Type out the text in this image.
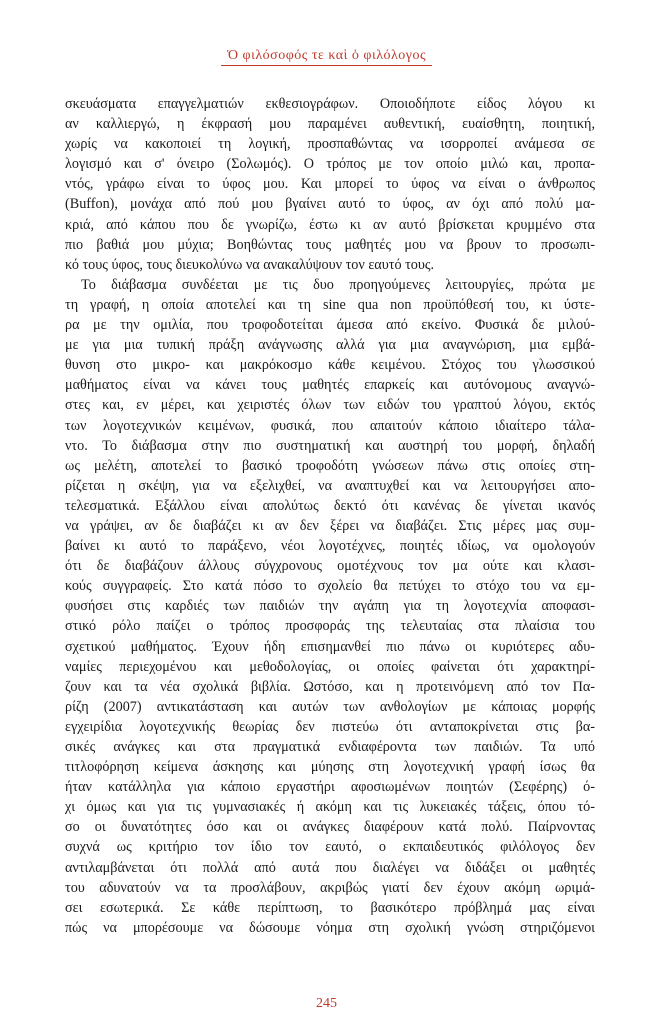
Ὁ φιλόσοφός τε καὶ ὁ φιλόλογος
σκευάσματα επαγγελματιών εκθεσιογράφων. Οποιοδήποτε είδος λόγου κι
αν καλλιεργώ, η έκφρασή μου παραμένει αυθεντική, ευαίσθητη, ποιητική,
χωρίς να κακοποιεί τη λογική, προσπαθώντας να ισορροπεί ανάμεσα σε
λογισμό και σ' όνειρο (Σολωμός). Ο τρόπος με τον οποίο μιλώ και, προπα-
ντός, γράφω είναι το ύφος μου. Και μπορεί το ύφος να είναι ο άνθρωπος
(Buffon), μονάχα από πού μου βγαίνει αυτό το ύφος, αν όχι από πολύ μα-
κριά, από κάπου που δε γνωρίζω, έστω κι αν αυτό βρίσκεται κρυμμένο στα
πιο βαθιά μου μύχια; Βοηθώντας τους μαθητές μου να βρουν το προσωπι-
κό τους ύφος, τους διευκολύνω να ανακαλύψουν τον εαυτό τους.
Το διάβασμα συνδέεται με τις δυο προηγούμενες λειτουργίες, πρώτα με
τη γραφή, η οποία αποτελεί και τη sine qua non προϋπόθεσή του, κι ύστε-
ρα με την ομιλία, που τροφοδοτείται άμεσα από εκείνο. Φυσικά δε μιλού-
με για μια τυπική πράξη ανάγνωσης αλλά για μια αναγνώριση, μια εμβά-
θυνση στο μικρο- και μακρόκοσμο κάθε κειμένου. Στόχος του γλωσσικού
μαθήματος είναι να κάνει τους μαθητές επαρκείς και αυτόνομους αναγνώ-
στες και, εν μέρει, και χειριστές όλων των ειδών του γραπτού λόγου, εκτός
των λογοτεχνικών κειμένων, φυσικά, που απαιτούν κάποιο ιδιαίτερο τάλα-
ντο. Το διάβασμα στην πιο συστηματική και αυστηρή του μορφή, δηλαδή
ως μελέτη, αποτελεί το βασικό τροφοδότη γνώσεων πάνω στις οποίες στη-
ρίζεται η σκέψη, για να εξελιχθεί, να αναπτυχθεί και να λειτουργήσει απο-
τελεσματικά. Εξάλλου είναι απολύτως δεκτό ότι κανένας δε γίνεται ικανός
να γράψει, αν δε διαβάζει κι αν δεν ξέρει να διαβάζει. Στις μέρες μας συμ-
βαίνει κι αυτό το παράξενο, νέοι λογοτέχνες, ποιητές ιδίως, να ομολογούν
ότι δε διαβάζουν άλλους σύγχρονους ομοτέχνους τον μα ούτε και κλασι-
κούς συγγραφείς. Στο κατά πόσο το σχολείο θα πετύχει το στόχο του να εμ-
φυσήσει στις καρδιές των παιδιών την αγάπη για τη λογοτεχνία αποφασι-
στικό ρόλο παίζει ο τρόπος προσφοράς της τελευταίας στα πλαίσια του
σχετικού μαθήματος. Έχουν ήδη επισημανθεί πιο πάνω οι κυριότερες αδυ-
ναμίες περιεχομένου και μεθοδολογίας, οι οποίες φαίνεται ότι χαρακτηρί-
ζουν και τα νέα σχολικά βιβλία. Ωστόσο, και η προτεινόμενη από τον Πα-
ρίζη (2007) αντικατάσταση και αυτών των ανθολογίων με κάποιας μορφής
εγχειρίδια λογοτεχνικής θεωρίας δεν πιστεύω ότι ανταποκρίνεται στις βα-
σικές ανάγκες και στα πραγματικά ενδιαφέροντα των παιδιών. Τα υπό
τιτλοφόρηση κείμενα άσκησης και μύησης στη λογοτεχνική γραφή ίσως θα
ήταν κατάλληλα για κάποιο εργαστήρι αφοσιωμένων ποιητών (Σεφέρης) ό-
χι όμως και για τις γυμνασιακές ή ακόμη και τις λυκειακές τάξεις, όπου τό-
σο οι δυνατότητες όσο και οι ανάγκες διαφέρουν κατά πολύ. Παίρνοντας
συχνά ως κριτήριο τον ίδιο τον εαυτό, ο εκπαιδευτικός φιλόλογος δεν
αντιλαμβάνεται ότι πολλά από αυτά που διαλέγει να διδάξει οι μαθητές
του αδυνατούν να τα προσλάβουν, ακριβώς γιατί δεν έχουν ακόμη ωριμά-
σει εσωτερικά. Σε κάθε περίπτωση, το βασικότερο πρόβλημά μας είναι
πώς να μπορέσουμε να δώσουμε νόημα στη σχολική γνώση στηριζόμενοι
245
